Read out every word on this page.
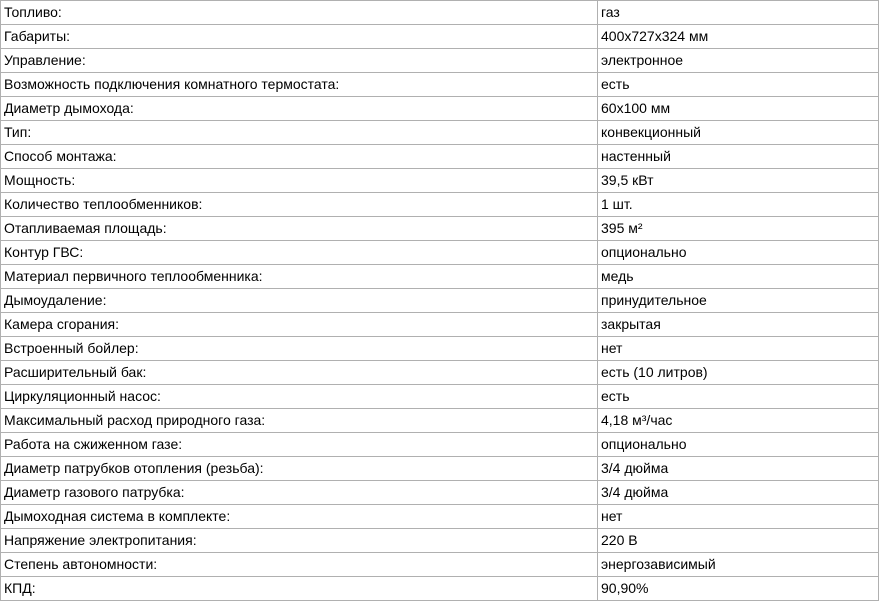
Топливо:	газ
Габариты:	400x727x324 мм
Управление:	электронное
Возможность подключения комнатного термостата:	есть
Диаметр дымохода:	60x100 мм
Тип:	конвекционный
Способ монтажа:	настенный
Мощность:	39,5 кВт
Количество теплообменников:	1 шт.
Отапливаемая площадь:	395 м²
Контур ГВС:	опционально
Материал первичного теплообменника:	медь
Дымоудаление:	принудительное
Камера сгорания:	закрытая
Встроенный бойлер:	нет
Расширительный бак:	есть (10 литров)
Циркуляционный насос:	есть
Максимальный расход природного газа:	4,18 м³/час
Работа на сжиженном газе:	опционально
Диаметр патрубков отопления (резьба):	3/4 дюйма
Диаметр газового патрубка:	3/4 дюйма
Дымоходная система в комплекте:	нет
Напряжение электропитания:	220 В
Степень автономности:	энергозависимый
КПД:	90,90%
